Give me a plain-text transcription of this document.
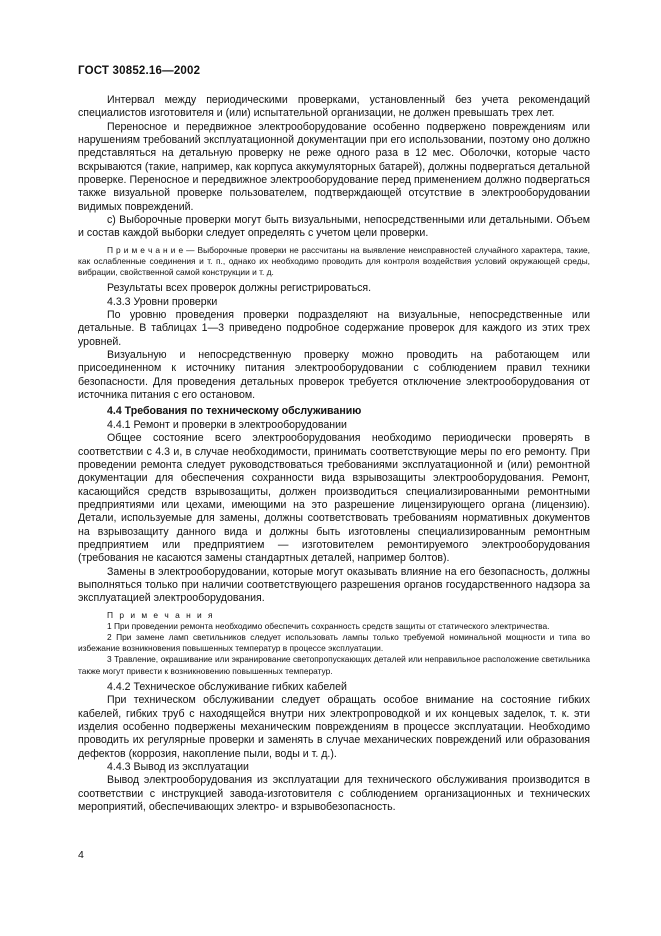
ГОСТ 30852.16—2002

Интервал между периодическими проверками, установленный без учета рекомендаций специалистов изготовителя и (или) испытательной организации, не должен превышать трех лет.

Переносное и передвижное электрооборудование особенно подвержено повреждениям или нарушениям требований эксплуатационной документации при его использовании, поэтому оно должно представляться на детальную проверку не реже одного раза в 12 мес. Оболочки, которые часто вскрываются (такие, например, как корпуса аккумуляторных батарей), должны подвергаться детальной проверке. Переносное и передвижное электрооборудование перед применением должно подвергаться также визуальной проверке пользователем, подтверждающей отсутствие в электрооборудовании видимых повреждений.

с) Выборочные проверки могут быть визуальными, непосредственными или детальными. Объем и состав каждой выборки следует определять с учетом цели проверки.

П р и м е ч а н и е — Выборочные проверки не рассчитаны на выявление неисправностей случайного характера, такие, как ослабленные соединения и т. п., однако их необходимо проводить для контроля воздействия условий окружающей среды, вибрации, свойственной самой конструкции и т. д.

Результаты всех проверок должны регистрироваться.

4.3.3 Уровни проверки

По уровню проведения проверки подразделяют на визуальные, непосредственные или детальные. В таблицах 1—3 приведено подробное содержание проверок для каждого из этих трех уровней.

Визуальную и непосредственную проверку можно проводить на работающем или присоединенном к источнику питания электрооборудовании с соблюдением правил техники безопасности. Для проведения детальных проверок требуется отключение электрооборудования от источника питания с его остановом.

4.4 Требования по техническому обслуживанию

4.4.1 Ремонт и проверки в электрооборудовании

Общее состояние всего электрооборудования необходимо периодически проверять в соответствии с 4.3 и, в случае необходимости, принимать соответствующие меры по его ремонту. При проведении ремонта следует руководствоваться требованиями эксплуатационной и (или) ремонтной документации для обеспечения сохранности вида взрывозащиты электрооборудования. Ремонт, касающийся средств взрывозащиты, должен производиться специализированными ремонтными предприятиями или цехами, имеющими на это разрешение лицензирующего органа (лицензию). Детали, используемые для замены, должны соответствовать требованиям нормативных документов на взрывозащиту данного вида и должны быть изготовлены специализированным ремонтным предприятием или предприятием — изготовителем ремонтируемого электрооборудования (требования не касаются замены стандартных деталей, например болтов).

Замены в электрооборудовании, которые могут оказывать влияние на его безопасность, должны выполняться только при наличии соответствующего разрешения органов государственного надзора за эксплуатацией электрооборудования.

П р и м е ч а н и я

1 При проведении ремонта необходимо обеспечить сохранность средств защиты от статического электричества.

2 При замене ламп светильников следует использовать лампы только требуемой номинальной мощности и типа во избежание возникновения повышенных температур в процессе эксплуатации.

3 Травление, окрашивание или экранирование светопропускающих деталей или неправильное расположение светильника также могут привести к возникновению повышенных температур.

4.4.2 Техническое обслуживание гибких кабелей

При техническом обслуживании следует обращать особое внимание на состояние гибких кабелей, гибких труб с находящейся внутри них электропроводкой и их концевых заделок, т. к. эти изделия особенно подвержены механическим повреждениям в процессе эксплуатации. Необходимо проводить их регулярные проверки и заменять в случае механических повреждений или образования дефектов (коррозия, накопление пыли, воды и т. д.).

4.4.3 Вывод из эксплуатации

Вывод электрооборудования из эксплуатации для технического обслуживания производится в соответствии с инструкцией завода-изготовителя с соблюдением организационных и технических мероприятий, обеспечивающих электро- и взрывобезопасность.

4
